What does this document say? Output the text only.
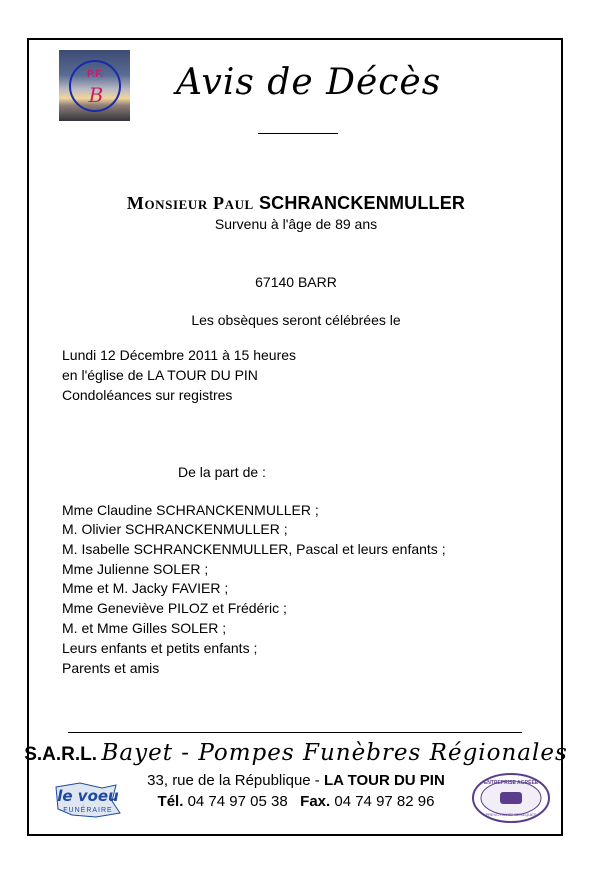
P.F.
B Avis de Décès
Monsieur Paul SCHRANCKENMULLER
Survenu à l'âge de 89 ans
67140 BARR
Les obsèques seront célébrées le
Lundi 12 Décembre 2011 à 15 heures
en l'église de LA TOUR DU PIN
Condoléances sur registres
De la part de :
Mme Claudine SCHRANCKENMULLER ;
M. Olivier SCHRANCKENMULLER ;
M. Isabelle SCHRANCKENMULLER, Pascal et leurs enfants ;
Mme Julienne SOLER ;
Mme et M. Jacky FAVIER ;
Mme Geneviève PILOZ et Frédéric ;
M. et Mme Gilles SOLER ;
Leurs enfants et petits enfants ;
Parents et amis
S.A.R.L. Bayet - Pompes Funèbres Régionales
33, rue de la République - LA TOUR DU PIN
Tél. 04 74 97 05 38 Fax. 04 74 97 82 96
le voeu
FUNÉRAIRE
ENTREPRISE AGRÉÉE
PREVOYANCE OBSEQUES
